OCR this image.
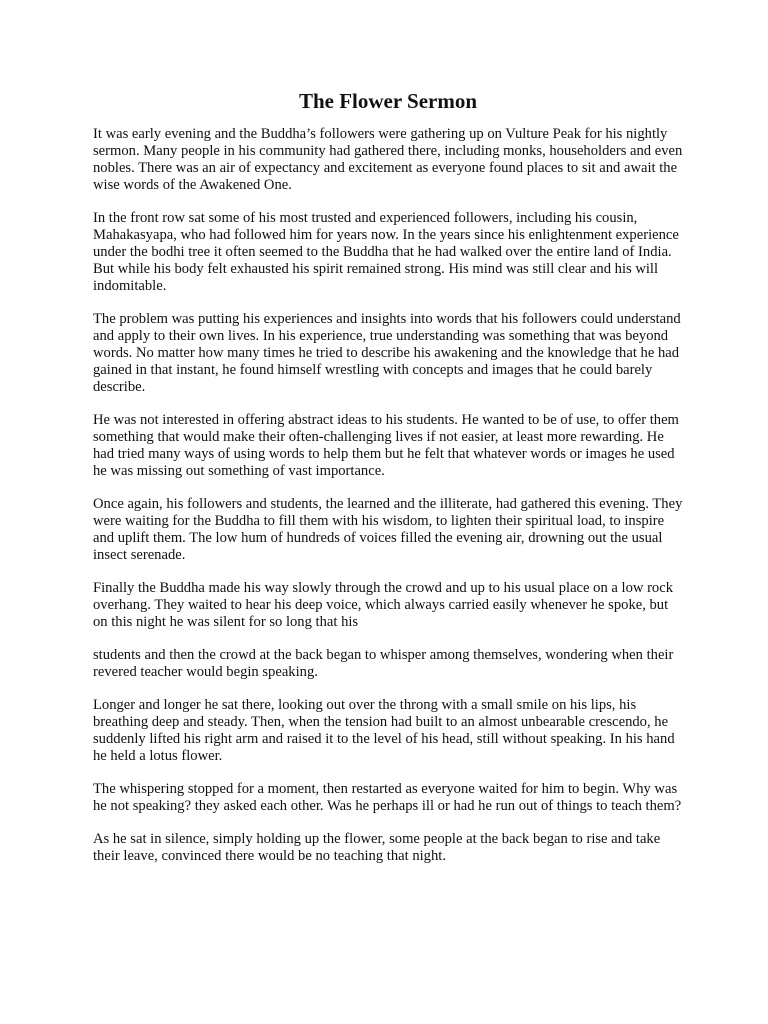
The Flower Sermon

It was early evening and the Buddha’s followers were gathering up on Vulture Peak for his nightly sermon. Many people in his community had gathered there, including monks, householders and even nobles. There was an air of expectancy and excitement as everyone found places to sit and await the wise words of the Awakened One.

In the front row sat some of his most trusted and experienced followers, including his cousin, Mahakasyapa, who had followed him for years now. In the years since his enlightenment experience under the bodhi tree it often seemed to the Buddha that he had walked over the entire land of India. But while his body felt exhausted his spirit remained strong. His mind was still clear and his will indomitable.

The problem was putting his experiences and insights into words that his followers could understand and apply to their own lives. In his experience, true understanding was something that was beyond words. No matter how many times he tried to describe his awakening and the knowledge that he had gained in that instant, he found himself wrestling with concepts and images that he could barely describe.

He was not interested in offering abstract ideas to his students. He wanted to be of use, to offer them something that would make their often-challenging lives if not easier, at least more rewarding. He had tried many ways of using words to help them but he felt that whatever words or images he used he was missing out something of vast importance.

Once again, his followers and students, the learned and the illiterate, had gathered this evening. They were waiting for the Buddha to fill them with his wisdom, to lighten their spiritual load, to inspire and uplift them. The low hum of hundreds of voices filled the evening air, drowning out the usual insect serenade.

Finally the Buddha made his way slowly through the crowd and up to his usual place on a low rock overhang. They waited to hear his deep voice, which always carried easily whenever he spoke, but on this night he was silent for so long that his

students and then the crowd at the back began to whisper among themselves, wondering when their revered teacher would begin speaking.

Longer and longer he sat there, looking out over the throng with a small smile on his lips, his breathing deep and steady. Then, when the tension had built to an almost unbearable crescendo, he suddenly lifted his right arm and raised it to the level of his head, still without speaking. In his hand he held a lotus flower.

The whispering stopped for a moment, then restarted as everyone waited for him to begin. Why was he not speaking? they asked each other. Was he perhaps ill or had he run out of things to teach them?

As he sat in silence, simply holding up the flower, some people at the back began to rise and take their leave, convinced there would be no teaching that night.
